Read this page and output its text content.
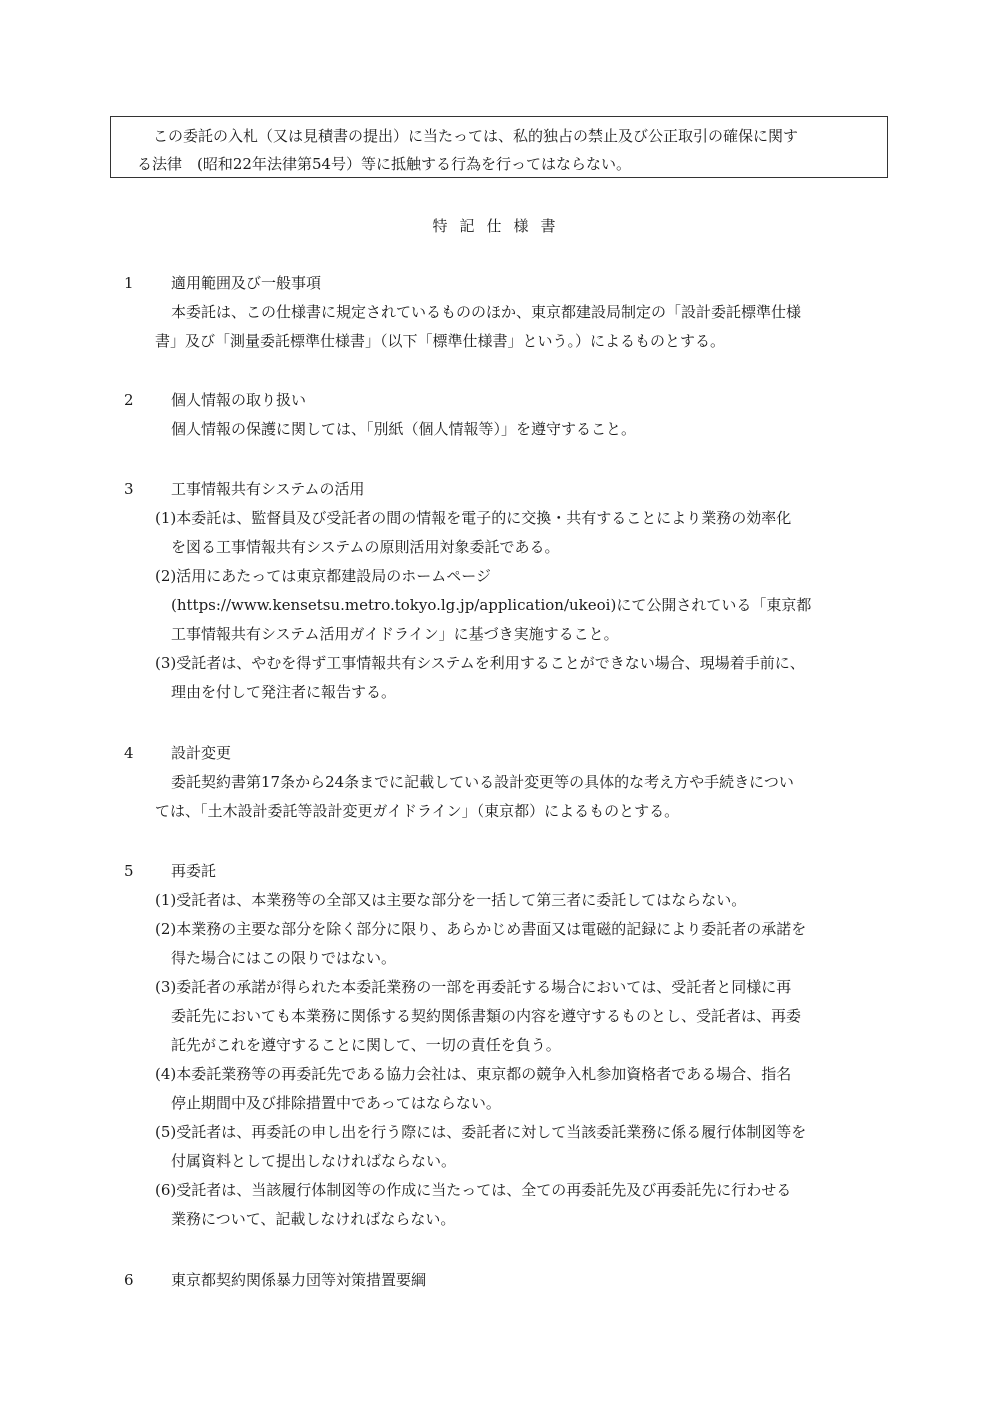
この委託の入札（又は見積書の提出）に当たっては、私的独占の禁止及び公正取引の確保に関す
る法律　(昭和22年法律第54号）等に抵触する行為を行ってはならない。
特記仕様書
1 適用範囲及び一般事項
本委託は、この仕様書に規定されているもののほか、東京都建設局制定の「設計委託標準仕様
書」及び「測量委託標準仕様書」（以下「標準仕様書」という。）によるものとする。
2 個人情報の取り扱い
個人情報の保護に関しては、「別紙（個人情報等）」を遵守すること。
3 工事情報共有システムの活用
(1)本委託は、監督員及び受託者の間の情報を電子的に交換・共有することにより業務の効率化
を図る工事情報共有システムの原則活用対象委託である。
(2)活用にあたっては東京都建設局のホームページ
(https://www.kensetsu.metro.tokyo.lg.jp/application/ukeoi)にて公開されている「東京都
工事情報共有システム活用ガイドライン」に基づき実施すること。
(3)受託者は、やむを得ず工事情報共有システムを利用することができない場合、現場着手前に、
理由を付して発注者に報告する。
4 設計変更
委託契約書第17条から24条までに記載している設計変更等の具体的な考え方や手続きについ
ては、「土木設計委託等設計変更ガイドライン」（東京都）によるものとする。
5 再委託
(1)受託者は、本業務等の全部又は主要な部分を一括して第三者に委託してはならない。
(2)本業務の主要な部分を除く部分に限り、あらかじめ書面又は電磁的記録により委託者の承諾を
得た場合にはこの限りではない。
(3)委託者の承諾が得られた本委託業務の一部を再委託する場合においては、受託者と同様に再
委託先においても本業務に関係する契約関係書類の内容を遵守するものとし、受託者は、再委
託先がこれを遵守することに関して、一切の責任を負う。
(4)本委託業務等の再委託先である協力会社は、東京都の競争入札参加資格者である場合、指名
停止期間中及び排除措置中であってはならない。
(5)受託者は、再委託の申し出を行う際には、委託者に対して当該委託業務に係る履行体制図等を
付属資料として提出しなければならない。
(6)受託者は、当該履行体制図等の作成に当たっては、全ての再委託先及び再委託先に行わせる
業務について、記載しなければならない。
6 東京都契約関係暴力団等対策措置要綱
